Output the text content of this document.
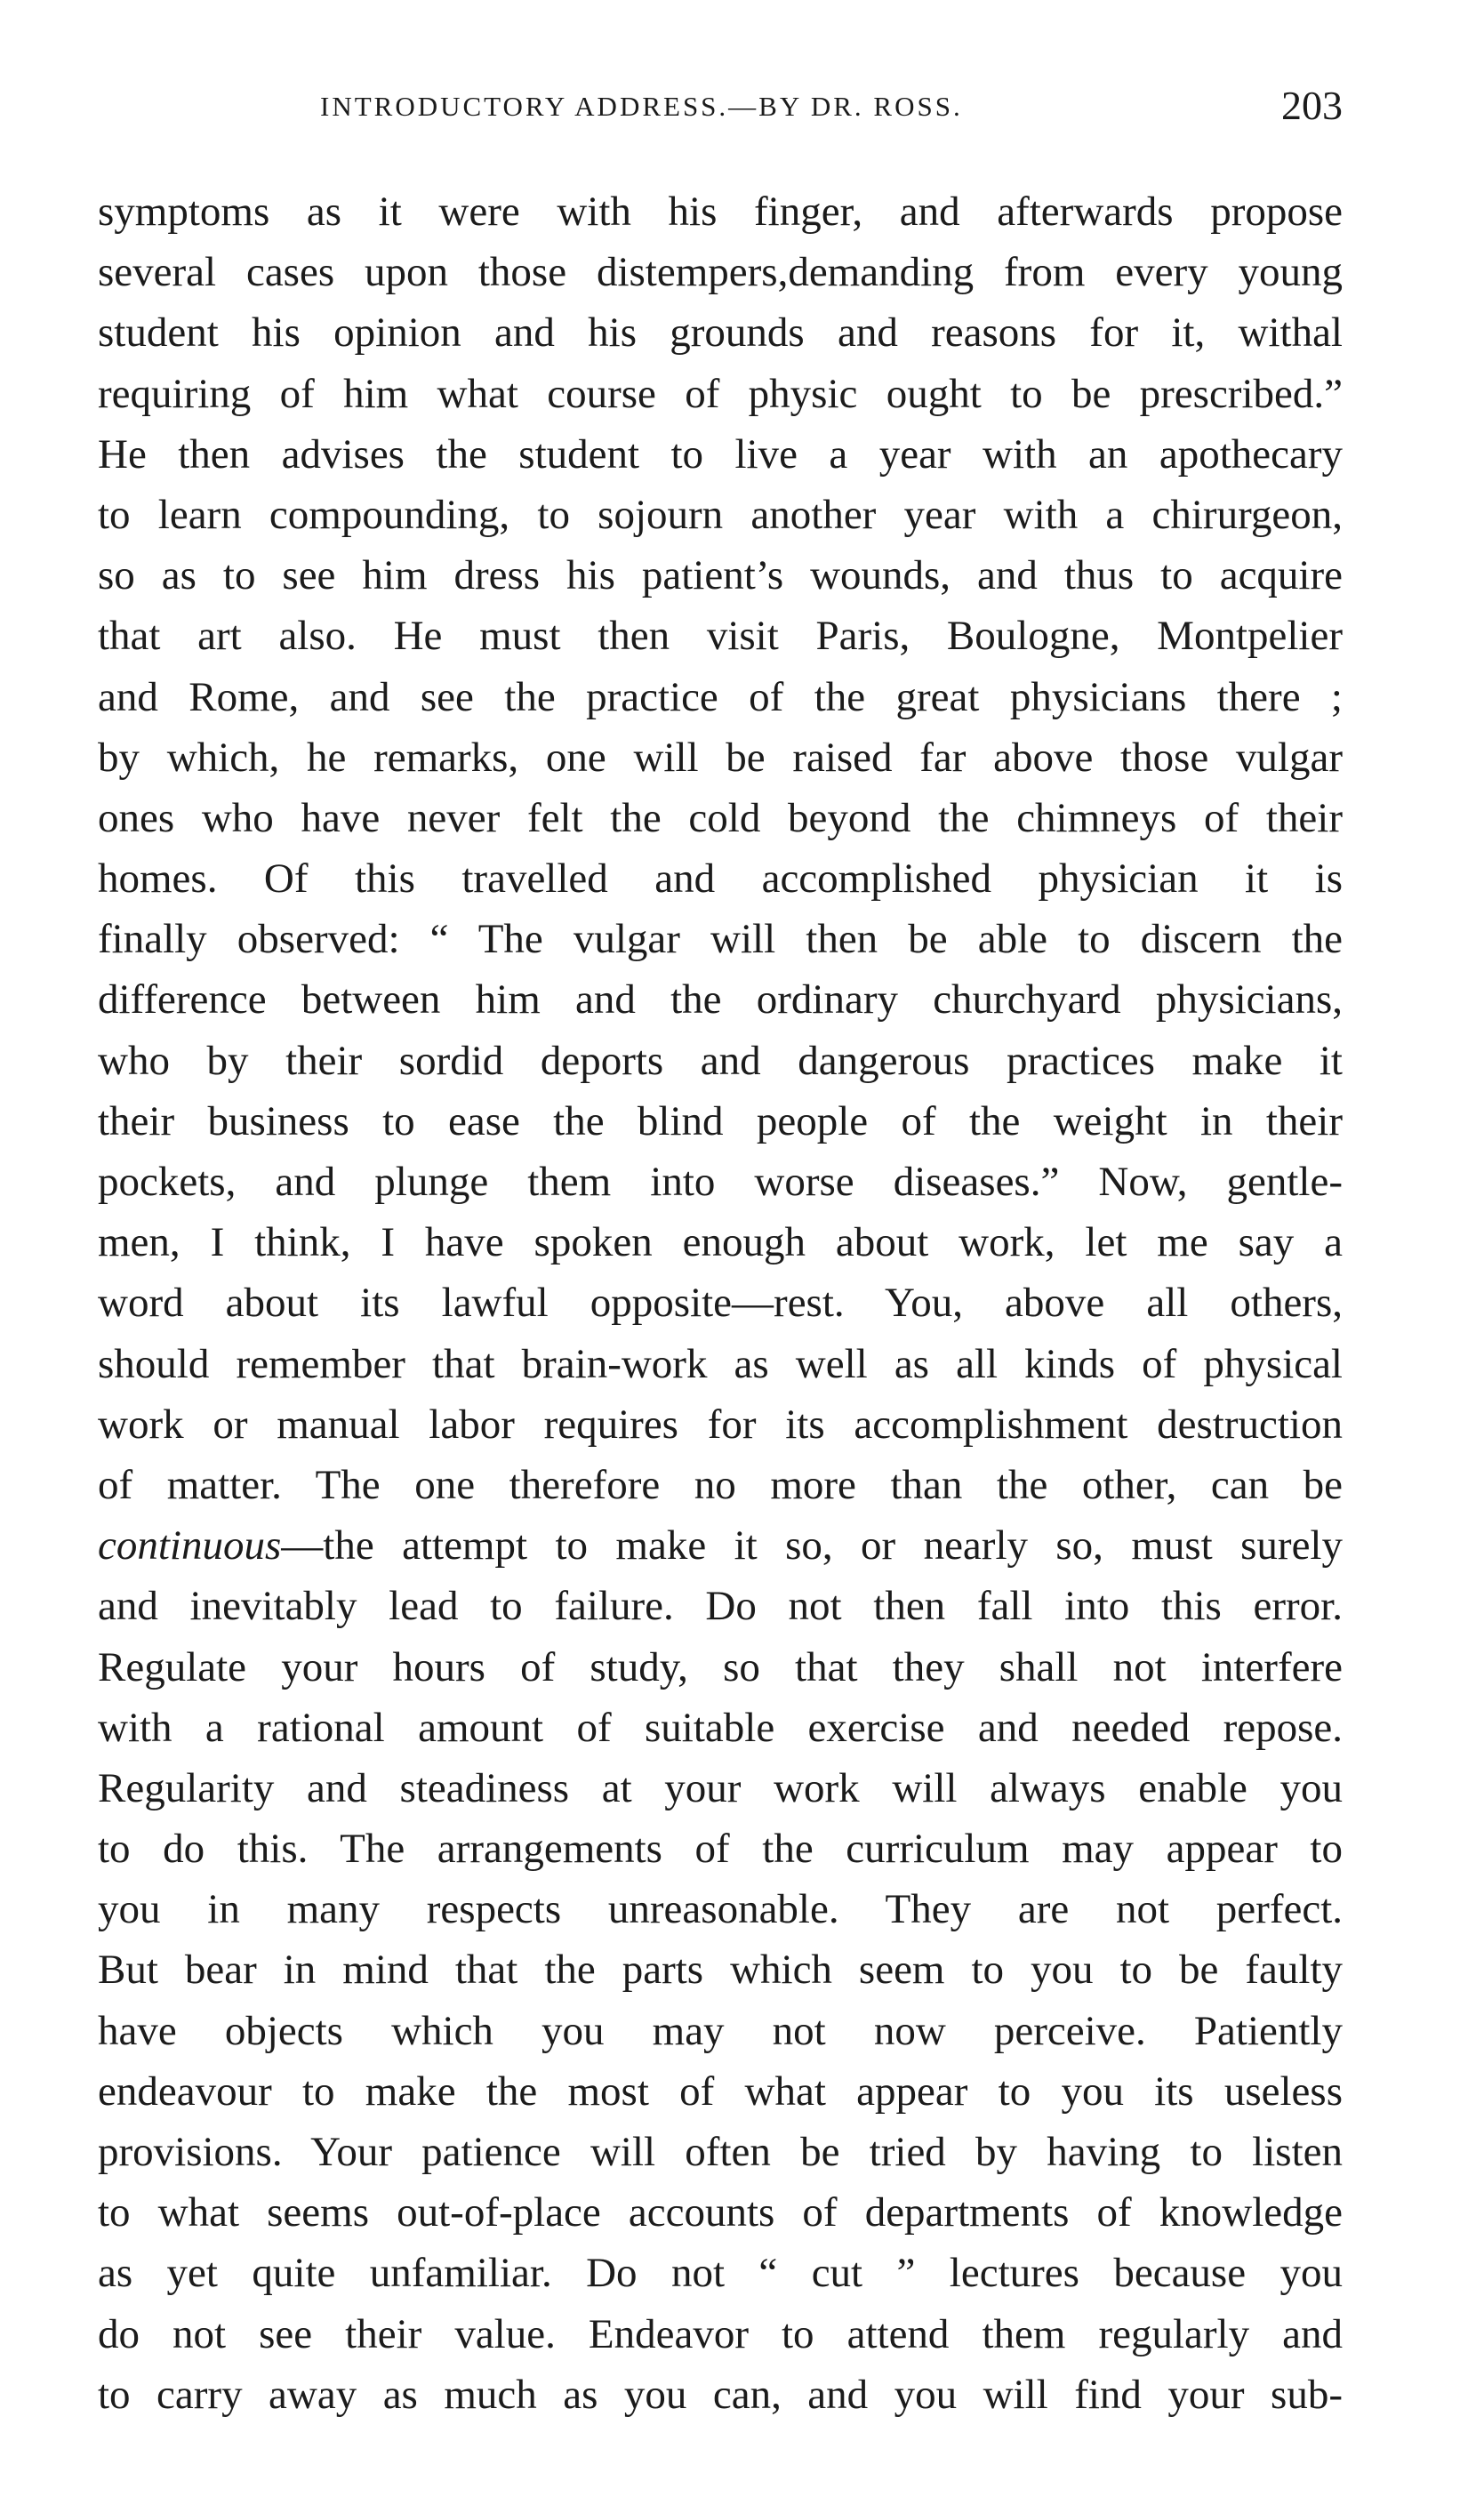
INTRODUCTORY ADDRESS.—BY DR. ROSS.	203
symptoms as it were with his finger, and afterwards propose
several cases upon those distempers,demanding from every young
student his opinion and his grounds and reasons for it, withal
requiring of him what course of physic ought to be prescribed.”
He then advises the student to live a year with an apothecary
to learn compounding, to sojourn another year with a chirurgeon,
so as to see him dress his patient’s wounds, and thus to acquire
that art also. He must then visit Paris, Boulogne, Montpelier
and Rome, and see the practice of the great physicians there ;
by which, he remarks, one will be raised far above those vulgar
ones who have never felt the cold beyond the chimneys of their
homes. Of this travelled and accomplished physician it is
finally observed: “ The vulgar will then be able to discern the
difference between him and the ordinary churchyard physicians,
who by their sordid deports and dangerous practices make it
their business to ease the blind people of the weight in their
pockets, and plunge them into worse diseases.” Now, gentle-
men, I think, I have spoken enough about work, let me say a
word about its lawful opposite—rest. You, above all others,
should remember that brain-work as well as all kinds of physical
work or manual labor requires for its accomplishment destruction
of matter. The one therefore no more than the other, can be
continuous—the attempt to make it so, or nearly so, must surely
and inevitably lead to failure. Do not then fall into this error.
Regulate your hours of study, so that they shall not interfere
with a rational amount of suitable exercise and needed repose.
Regularity and steadiness at your work will always enable you
to do this. The arrangements of the curriculum may appear to
you in many respects unreasonable. They are not perfect.
But bear in mind that the parts which seem to you to be faulty
have objects which you may not now perceive. Patiently
endeavour to make the most of what appear to you its useless
provisions. Your patience will often be tried by having to listen
to what seems out-of-place accounts of departments of knowledge
as yet quite unfamiliar. Do not “ cut ” lectures because you
do not see their value. Endeavor to attend them regularly and
to carry away as much as you can, and you will find your sub-
